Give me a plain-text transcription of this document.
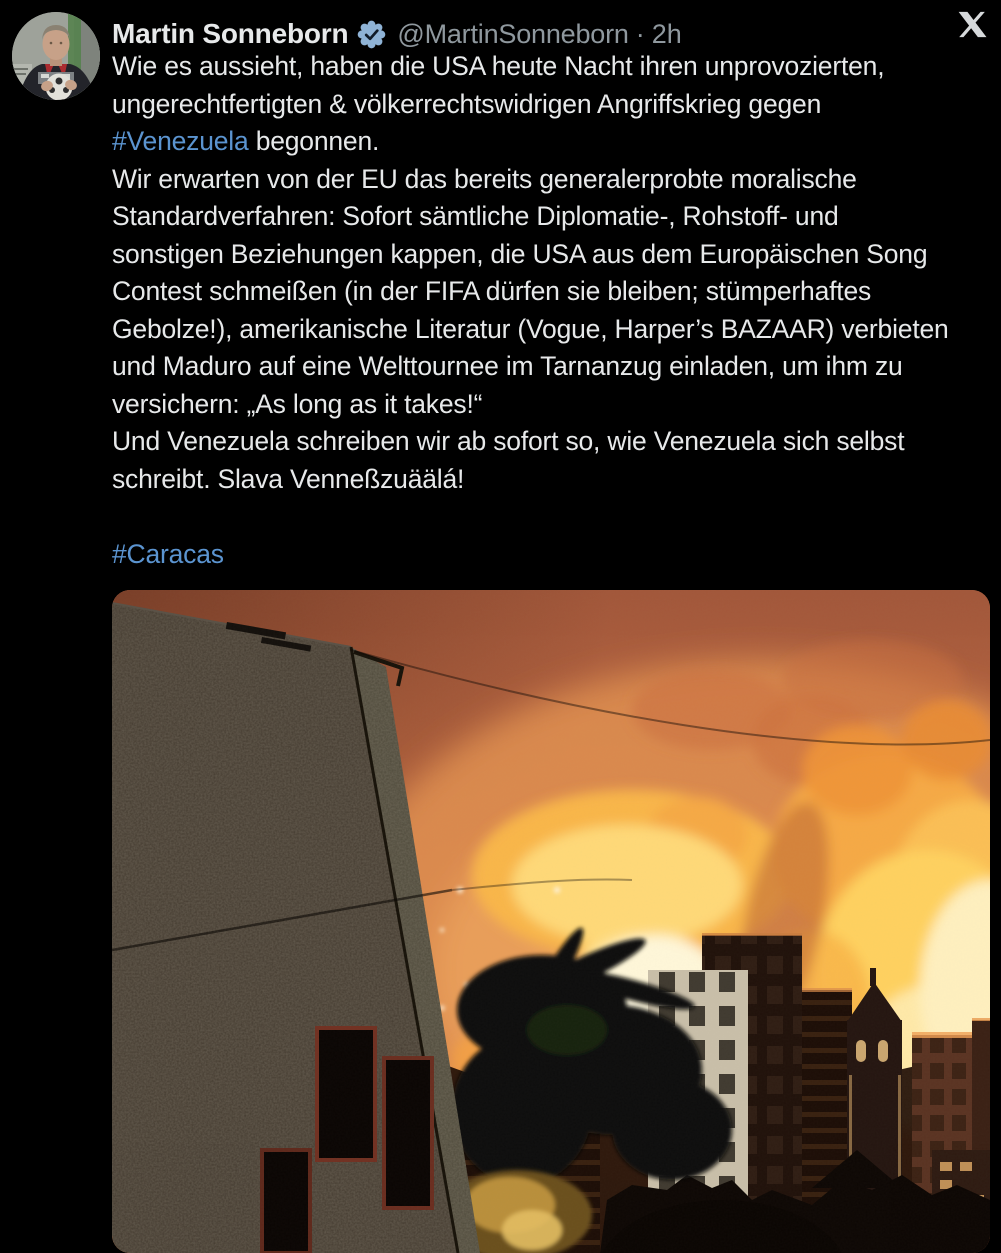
Martin Sonneborn @MartinSonneborn · 2h
Wie es aussieht, haben die USA heute Nacht ihren unprovozierten,
ungerechtfertigten & völkerrechtswidrigen Angriffskrieg gegen
#Venezuela begonnen.
Wir erwarten von der EU das bereits generalerprobte moralische
Standardverfahren: Sofort sämtliche Diplomatie-, Rohstoff- und
sonstigen Beziehungen kappen, die USA aus dem Europäischen Song
Contest schmeißen (in der FIFA dürfen sie bleiben; stümperhaftes
Gebolze!), amerikanische Literatur (Vogue, Harper’s BAZAAR) verbieten
und Maduro auf eine Welttournee im Tarnanzug einladen, um ihm zu
versichern: „As long as it takes!“
Und Venezuela schreiben wir ab sofort so, wie Venezuela sich selbst
schreibt. Slava Venneßzuäälá!

#Caracas
